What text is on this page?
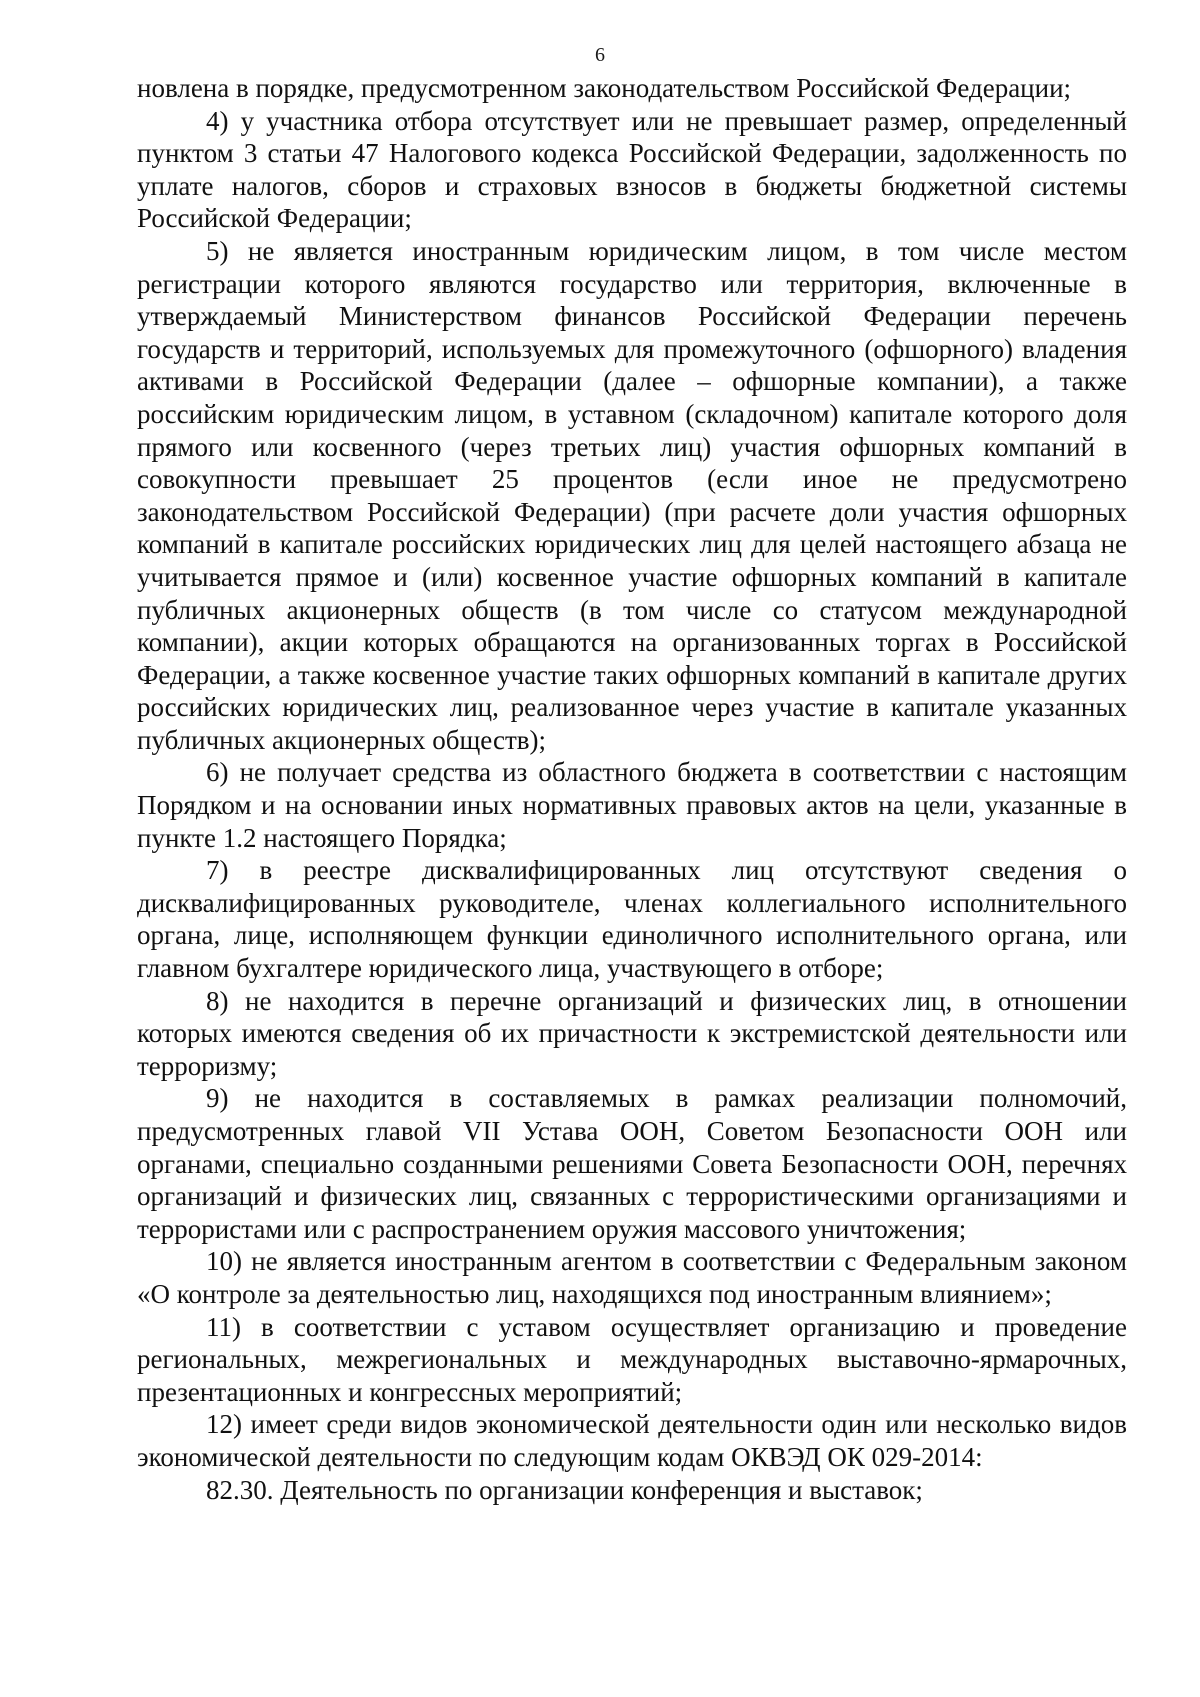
6

новлена в порядке, предусмотренном законодательством Российской Федерации;

4) у участника отбора отсутствует или не превышает размер, определенный пунктом 3 статьи 47 Налогового кодекса Российской Федерации, задолженность по уплате налогов, сборов и страховых взносов в бюджеты бюджетной системы Российской Федерации;

5) не является иностранным юридическим лицом, в том числе местом регистрации которого являются государство или территория, включенные в утверждаемый Министерством финансов Российской Федерации перечень государств и территорий, используемых для промежуточного (офшорного) владения активами в Российской Федерации (далее – офшорные компании), а также российским юридическим лицом, в уставном (складочном) капитале которого доля прямого или косвенного (через третьих лиц) участия офшорных компаний в совокупности превышает 25 процентов (если иное не предусмотрено законодательством Российской Федерации) (при расчете доли участия офшорных компаний в капитале российских юридических лиц для целей настоящего абзаца не учитывается прямое и (или) косвенное участие офшорных компаний в капитале публичных акционерных обществ (в том числе со статусом международной компании), акции которых обращаются на организованных торгах в Российской Федерации, а также косвенное участие таких офшорных компаний в капитале других российских юридических лиц, реализованное через участие в капитале указанных публичных акционерных обществ);

6) не получает средства из областного бюджета в соответствии с настоящим Порядком и на основании иных нормативных правовых актов на цели, указанные в пункте 1.2 настоящего Порядка;

7) в реестре дисквалифицированных лиц отсутствуют сведения о дисквалифицированных руководителе, членах коллегиального исполнительного органа, лице, исполняющем функции единоличного исполнительного органа, или главном бухгалтере юридического лица, участвующего в отборе;

8) не находится в перечне организаций и физических лиц, в отношении которых имеются сведения об их причастности к экстремистской деятельности или терроризму;

9) не находится в составляемых в рамках реализации полномочий, предусмотренных главой VII Устава ООН, Советом Безопасности ООН или органами, специально созданными решениями Совета Безопасности ООН, перечнях организаций и физических лиц, связанных с террористическими организациями и террористами или с распространением оружия массового уничтожения;

10) не является иностранным агентом в соответствии с Федеральным законом «О контроле за деятельностью лиц, находящихся под иностранным влиянием»;

11) в соответствии с уставом осуществляет организацию и проведение региональных, межрегиональных и международных выставочно-ярмарочных, презентационных и конгрессных мероприятий;

12) имеет среди видов экономической деятельности один или несколько видов экономической деятельности по следующим кодам ОКВЭД ОК 029-2014:

82.30. Деятельность по организации конференция и выставок;
